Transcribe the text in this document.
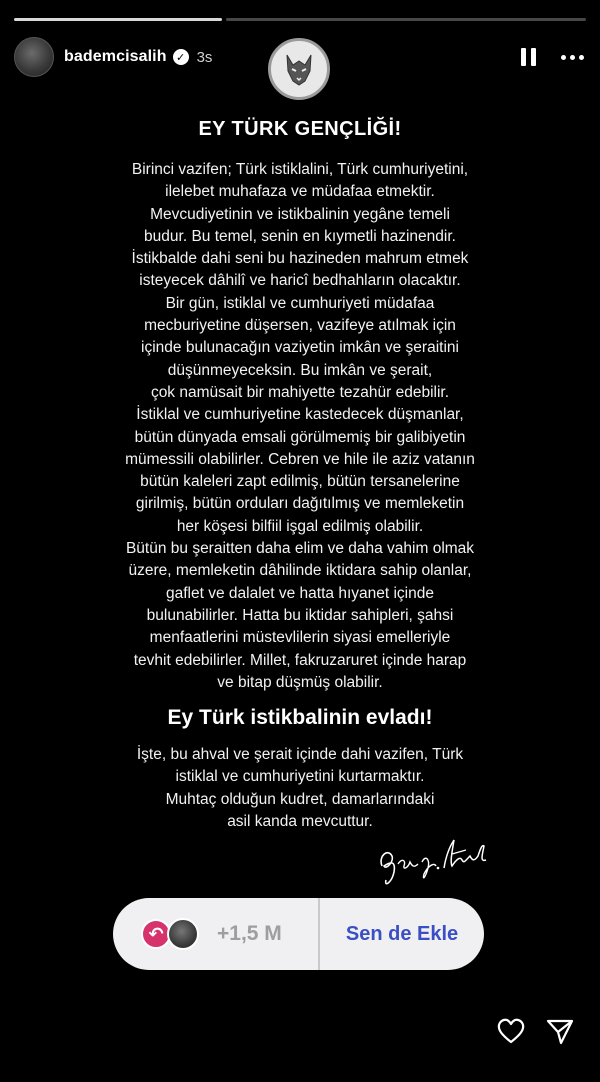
bademcisalih ✓ 3s
EY TÜRK GENÇLİĞİ!
Birinci vazifen; Türk istiklalini, Türk cumhuriyetini,
ilelebet muhafaza ve müdafaa etmektir.
Mevcudiyetinin ve istikbalinin yegâne temeli
budur. Bu temel, senin en kıymetli hazinendir.
İstikbalde dahi seni bu hazineden mahrum etmek
isteyecek dâhilî ve haricî bedhahların olacaktır.
Bir gün, istiklal ve cumhuriyeti müdafaa
mecburiyetine düşersen, vazifeye atılmak için
içinde bulunacağın vaziyetin imkân ve şeraitini
düşünmeyeceksin. Bu imkân ve şerait,
çok namüsait bir mahiyette tezahür edebilir.
İstiklal ve cumhuriyetine kastedecek düşmanlar,
bütün dünyada emsali görülmemiş bir galibiyetin
mümessili olabilirler. Cebren ve hile ile aziz vatanın
bütün kaleleri zapt edilmiş, bütün tersanelerine
girilmiş, bütün orduları dağıtılmış ve memleketin
her köşesi bilfiil işgal edilmiş olabilir.
Bütün bu şeraitten daha elim ve daha vahim olmak
üzere, memleketin dâhilinde iktidara sahip olanlar,
gaflet ve dalalet ve hatta hıyanet içinde
bulunabilirler. Hatta bu iktidar sahipleri, şahsi
menfaatlerini müstevlilerin siyasi emelleriyle
tevhit edebilirler. Millet, fakruzaruret içinde harap
ve bitap düşmüş olabilir.
Ey Türk istikbalinin evladı!
İşte, bu ahval ve şerait içinde dahi vazifen, Türk
istiklal ve cumhuriyetini kurtarmaktır.
Muhtaç olduğun kudret, damarlarındaki
asil kanda mevcuttur.
↶	+1,5 M	Sen de Ekle
